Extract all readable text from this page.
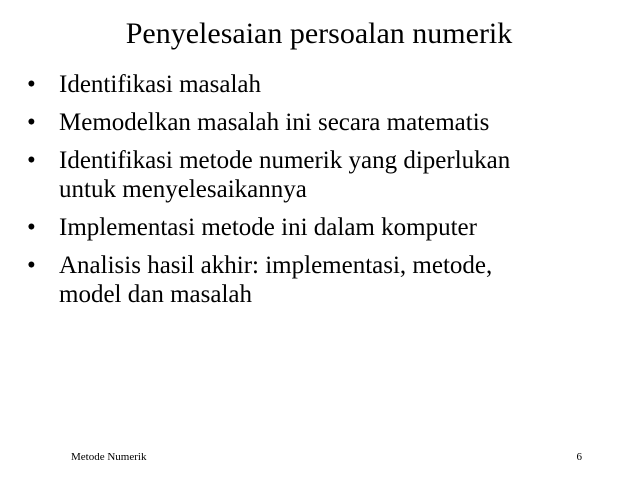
Penyelesaian persoalan numerik
• Identifikasi masalah
• Memodelkan masalah ini secara matematis
• Identifikasi metode numerik yang diperlukan
untuk menyelesaikannya
• Implementasi metode ini dalam komputer
• Analisis hasil akhir: implementasi, metode,
model dan masalah
Metode Numerik	6
